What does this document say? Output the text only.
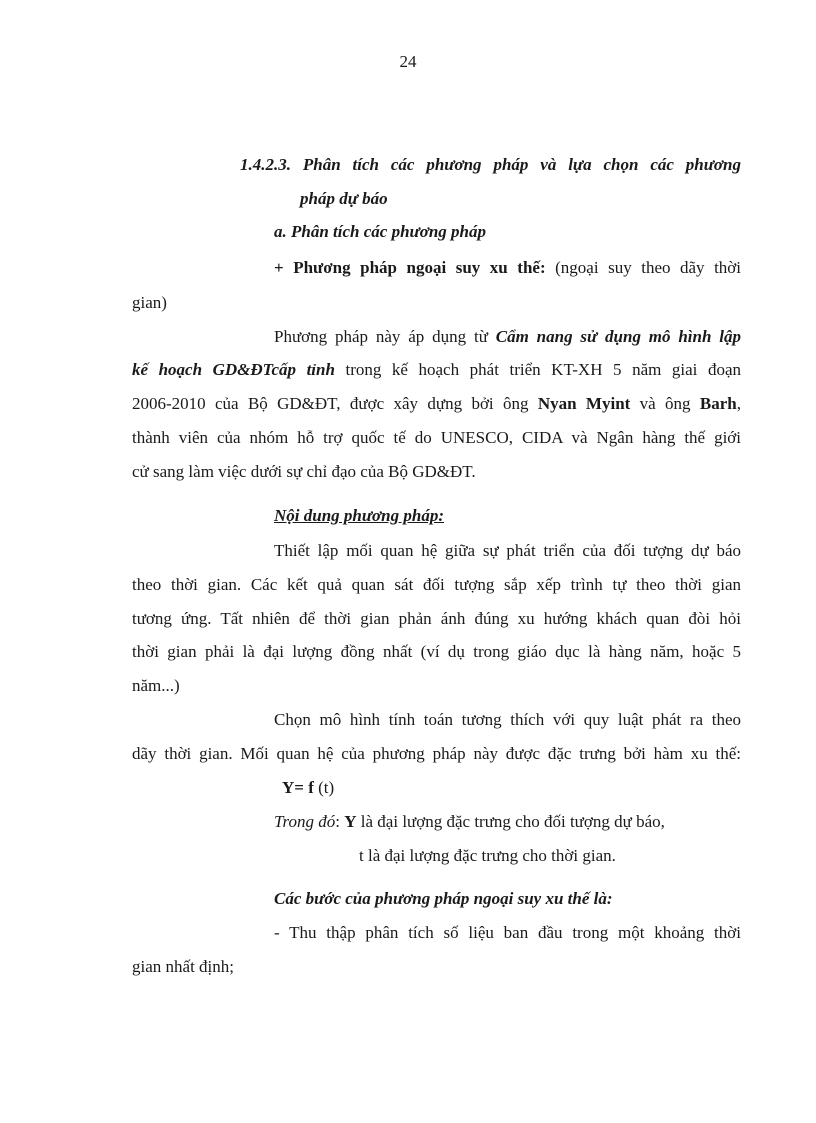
24
1.4.2.3. Phân tích các phương pháp và lựa chọn các phương
pháp dự báo
a. Phân tích các phương pháp
+ Phương pháp ngoại suy xu thế: (ngoại suy theo dãy thời
gian)
Phương pháp này áp dụng từ Cẩm nang sử dụng mô hình lập
kế hoạch GD&ĐTcấp tỉnh trong kế hoạch phát triển KT-XH 5 năm giai đoạn
2006-2010 của Bộ GD&ĐT, được xây dựng bởi ông Nyan Myint và ông Barh,
thành viên của nhóm hỗ trợ quốc tế do UNESCO, CIDA và Ngân hàng thế giới
cử sang làm việc dưới sự chỉ đạo của Bộ GD&ĐT.
Nội dung phương pháp:
Thiết lập mối quan hệ giữa sự phát triển của đối tượng dự báo
theo thời gian. Các kết quả quan sát đối tượng sắp xếp trình tự theo thời gian
tương ứng. Tất nhiên để thời gian phản ánh đúng xu hướng khách quan đòi hỏi
thời gian phải là đại lượng đồng nhất (ví dụ trong giáo dục là hàng năm, hoặc 5
năm...)
Chọn mô hình tính toán tương thích với quy luật phát ra theo
dãy thời gian. Mối quan hệ của phương pháp này được đặc trưng bởi hàm xu thế:
Y= f (t)
Trong đó: Y là đại lượng đặc trưng cho đối tượng dự báo,
t là đại lượng đặc trưng cho thời gian.
Các bước của phương pháp ngoại suy xu thế là:
- Thu thập phân tích số liệu ban đầu trong một khoảng thời
gian nhất định;
